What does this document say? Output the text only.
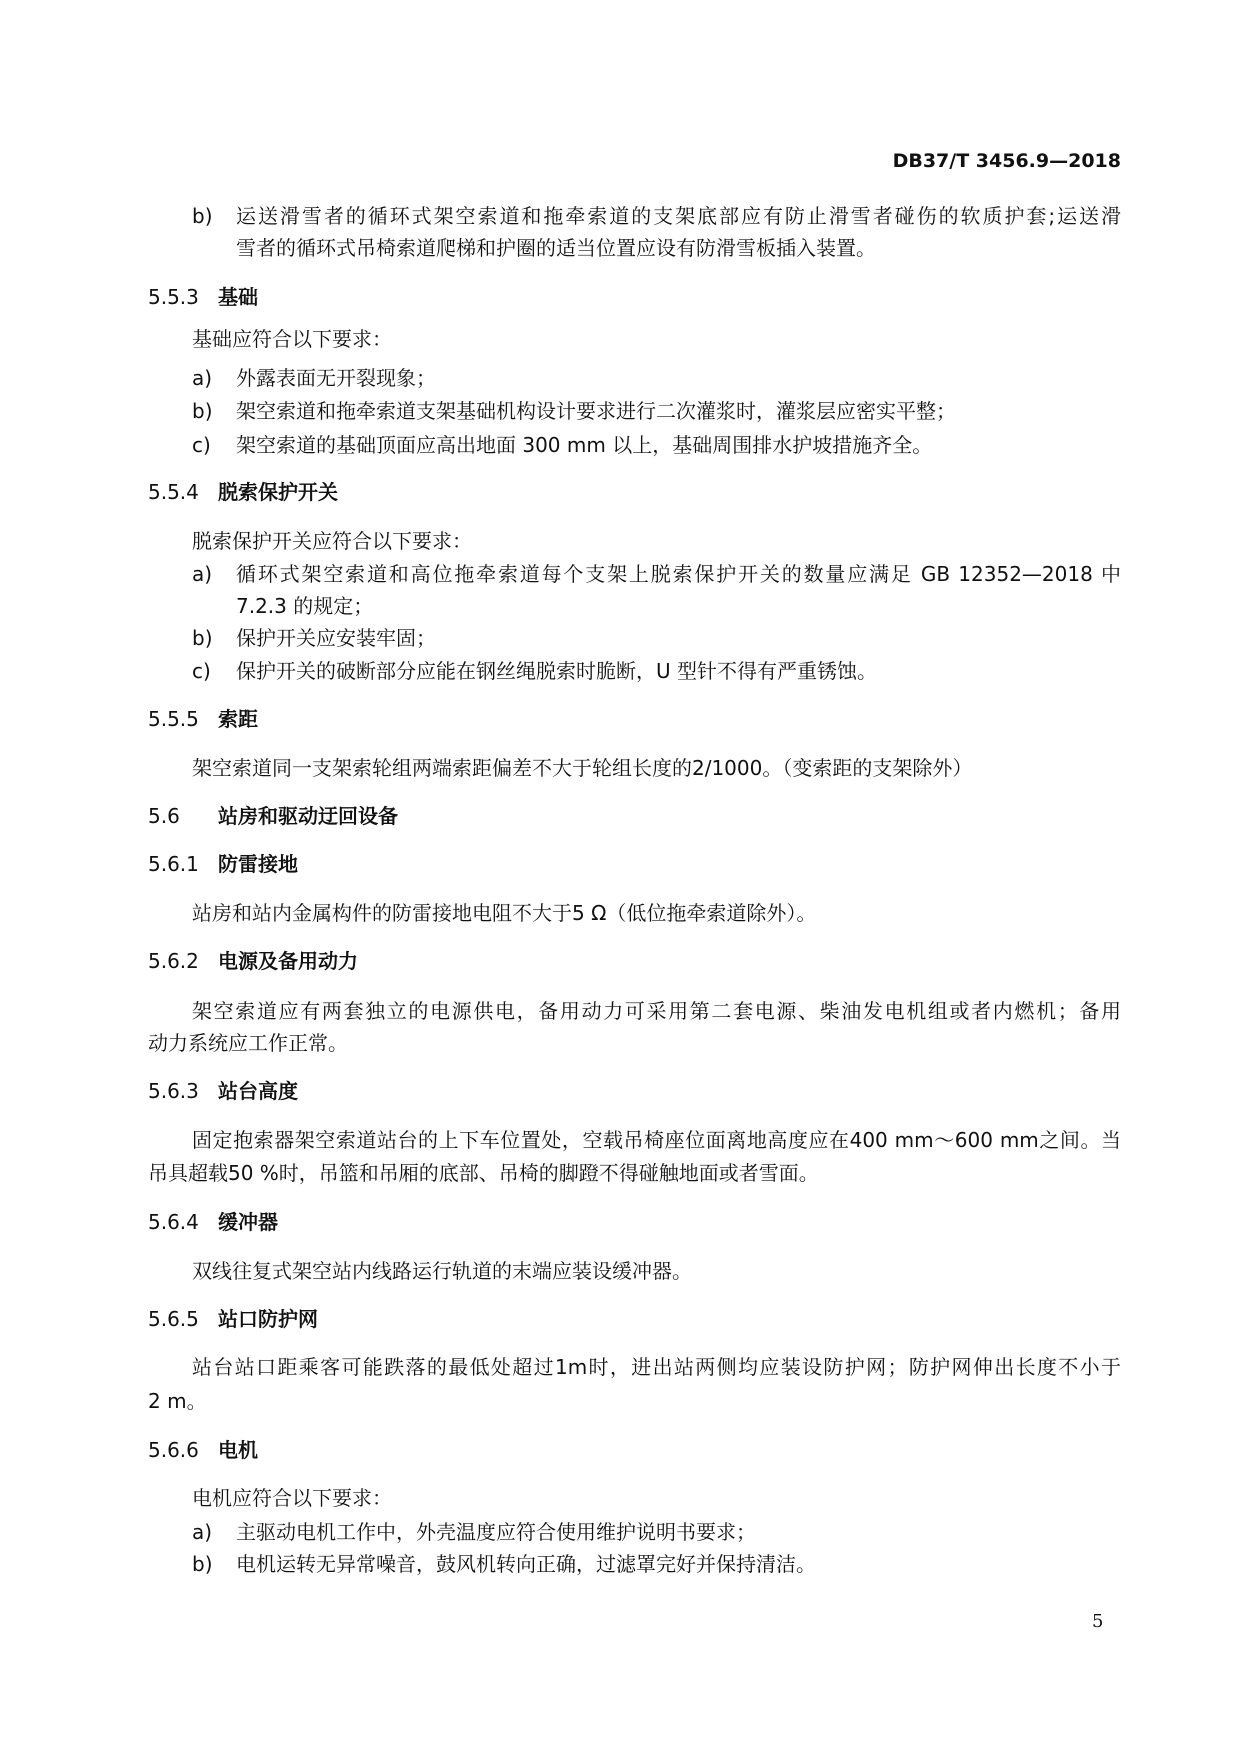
DB37/T 3456.9—2018
5
b) 运送滑雪者的循环式架空索道和拖牵索道的支架底部应有防止滑雪者碰伤的软质护套;运送滑
雪者的循环式吊椅索道爬梯和护圈的适当位置应设有防滑雪板插入装置。
5.5.3 基础
基础应符合以下要求：
a) 外露表面无开裂现象；
b) 架空索道和拖牵索道支架基础机构设计要求进行二次灌浆时，灌浆层应密实平整；
c) 架空索道的基础顶面应高出地面 300 mm 以上，基础周围排水护坡措施齐全。
5.5.4 脱索保护开关
脱索保护开关应符合以下要求：
a) 循环式架空索道和高位拖牵索道每个支架上脱索保护开关的数量应满足 GB 12352—2018 中
7.2.3 的规定；
b) 保护开关应安装牢固；
c) 保护开关的破断部分应能在钢丝绳脱索时脆断，U 型针不得有严重锈蚀。
5.5.5 索距
架空索道同一支架索轮组两端索距偏差不大于轮组长度的2/1000。（变索距的支架除外）
5.6 站房和驱动迂回设备
5.6.1 防雷接地
站房和站内金属构件的防雷接地电阻不大于5 Ω（低位拖牵索道除外）。
5.6.2 电源及备用动力
架空索道应有两套独立的电源供电，备用动力可采用第二套电源、柴油发电机组或者内燃机；备用
动力系统应工作正常。
5.6.3 站台高度
固定抱索器架空索道站台的上下车位置处，空载吊椅座位面离地高度应在400 mm～600 mm之间。当
吊具超载50 %时，吊篮和吊厢的底部、吊椅的脚蹬不得碰触地面或者雪面。
5.6.4 缓冲器
双线往复式架空站内线路运行轨道的末端应装设缓冲器。
5.6.5 站口防护网
站台站口距乘客可能跌落的最低处超过1m时，进出站两侧均应装设防护网；防护网伸出长度不小于
2 m。
5.6.6 电机
电机应符合以下要求：
a) 主驱动电机工作中，外壳温度应符合使用维护说明书要求；
b) 电机运转无异常噪音，鼓风机转向正确，过滤罩完好并保持清洁。
